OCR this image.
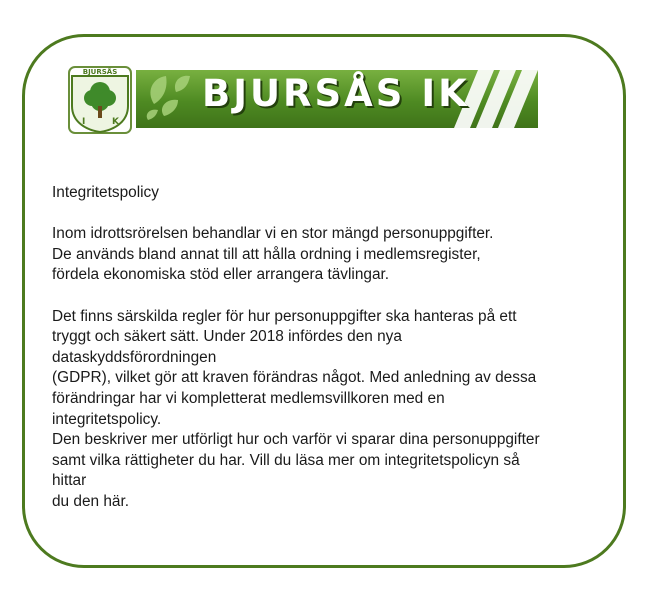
BJURSÅS IK
BJURSÅS
I	K

Integritetspolicy

Inom idrottsrörelsen behandlar vi en stor mängd personuppgifter.

De används bland annat till att hålla ordning i medlemsregister,

fördela ekonomiska stöd eller arrangera tävlingar.

Det finns särskilda regler för hur personuppgifter ska hanteras på ett

tryggt och säkert sätt. Under 2018 infördes den nya

dataskyddsförordningen

(GDPR), vilket gör att kraven förändras något. Med anledning av dessa

förändringar har vi kompletterat medlemsvillkoren med en

integritetspolicy.

Den beskriver mer utförligt hur och varför vi sparar dina personuppgifter

samt vilka rättigheter du har. Vill du läsa mer om integritetspolicyn så

hittar

du den här.
